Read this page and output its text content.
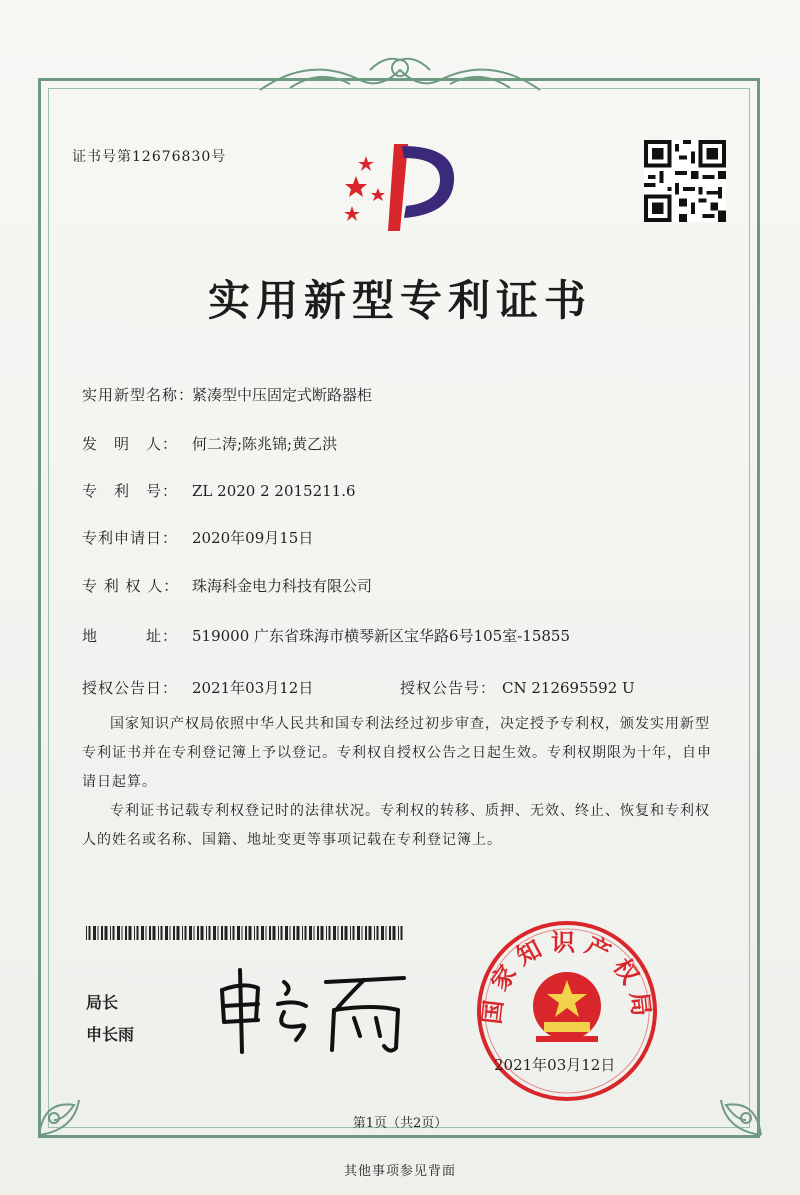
证书号第12676830号
实用新型专利证书
实用新型名称：紧凑型中压固定式断路器柜
发　明　人： 何二涛;陈兆锦;黄乙洪
专　利　号： ZL 2020 2 2015211.6
专利申请日： 2020年09月15日
专 利 权 人： 珠海科金电力科技有限公司
地　　　址： 519000 广东省珠海市横琴新区宝华路6号105室-15855
授权公告日： 2021年03月12日	授权公告号： CN 212695592 U
国家知识产权局依照中华人民共和国专利法经过初步审查，决定授予专利权，颁发实用新型专利证书并在专利登记簿上予以登记。专利权自授权公告之日起生效。专利权期限为十年，自申请日起算。
专利证书记载专利权登记时的法律状况。专利权的转移、质押、无效、终止、恢复和专利权人的姓名或名称、国籍、地址变更等事项记载在专利登记簿上。
局长
申长雨
国家知识产权局
2021年03月12日
第1页（共2页）
其他事项参见背面
